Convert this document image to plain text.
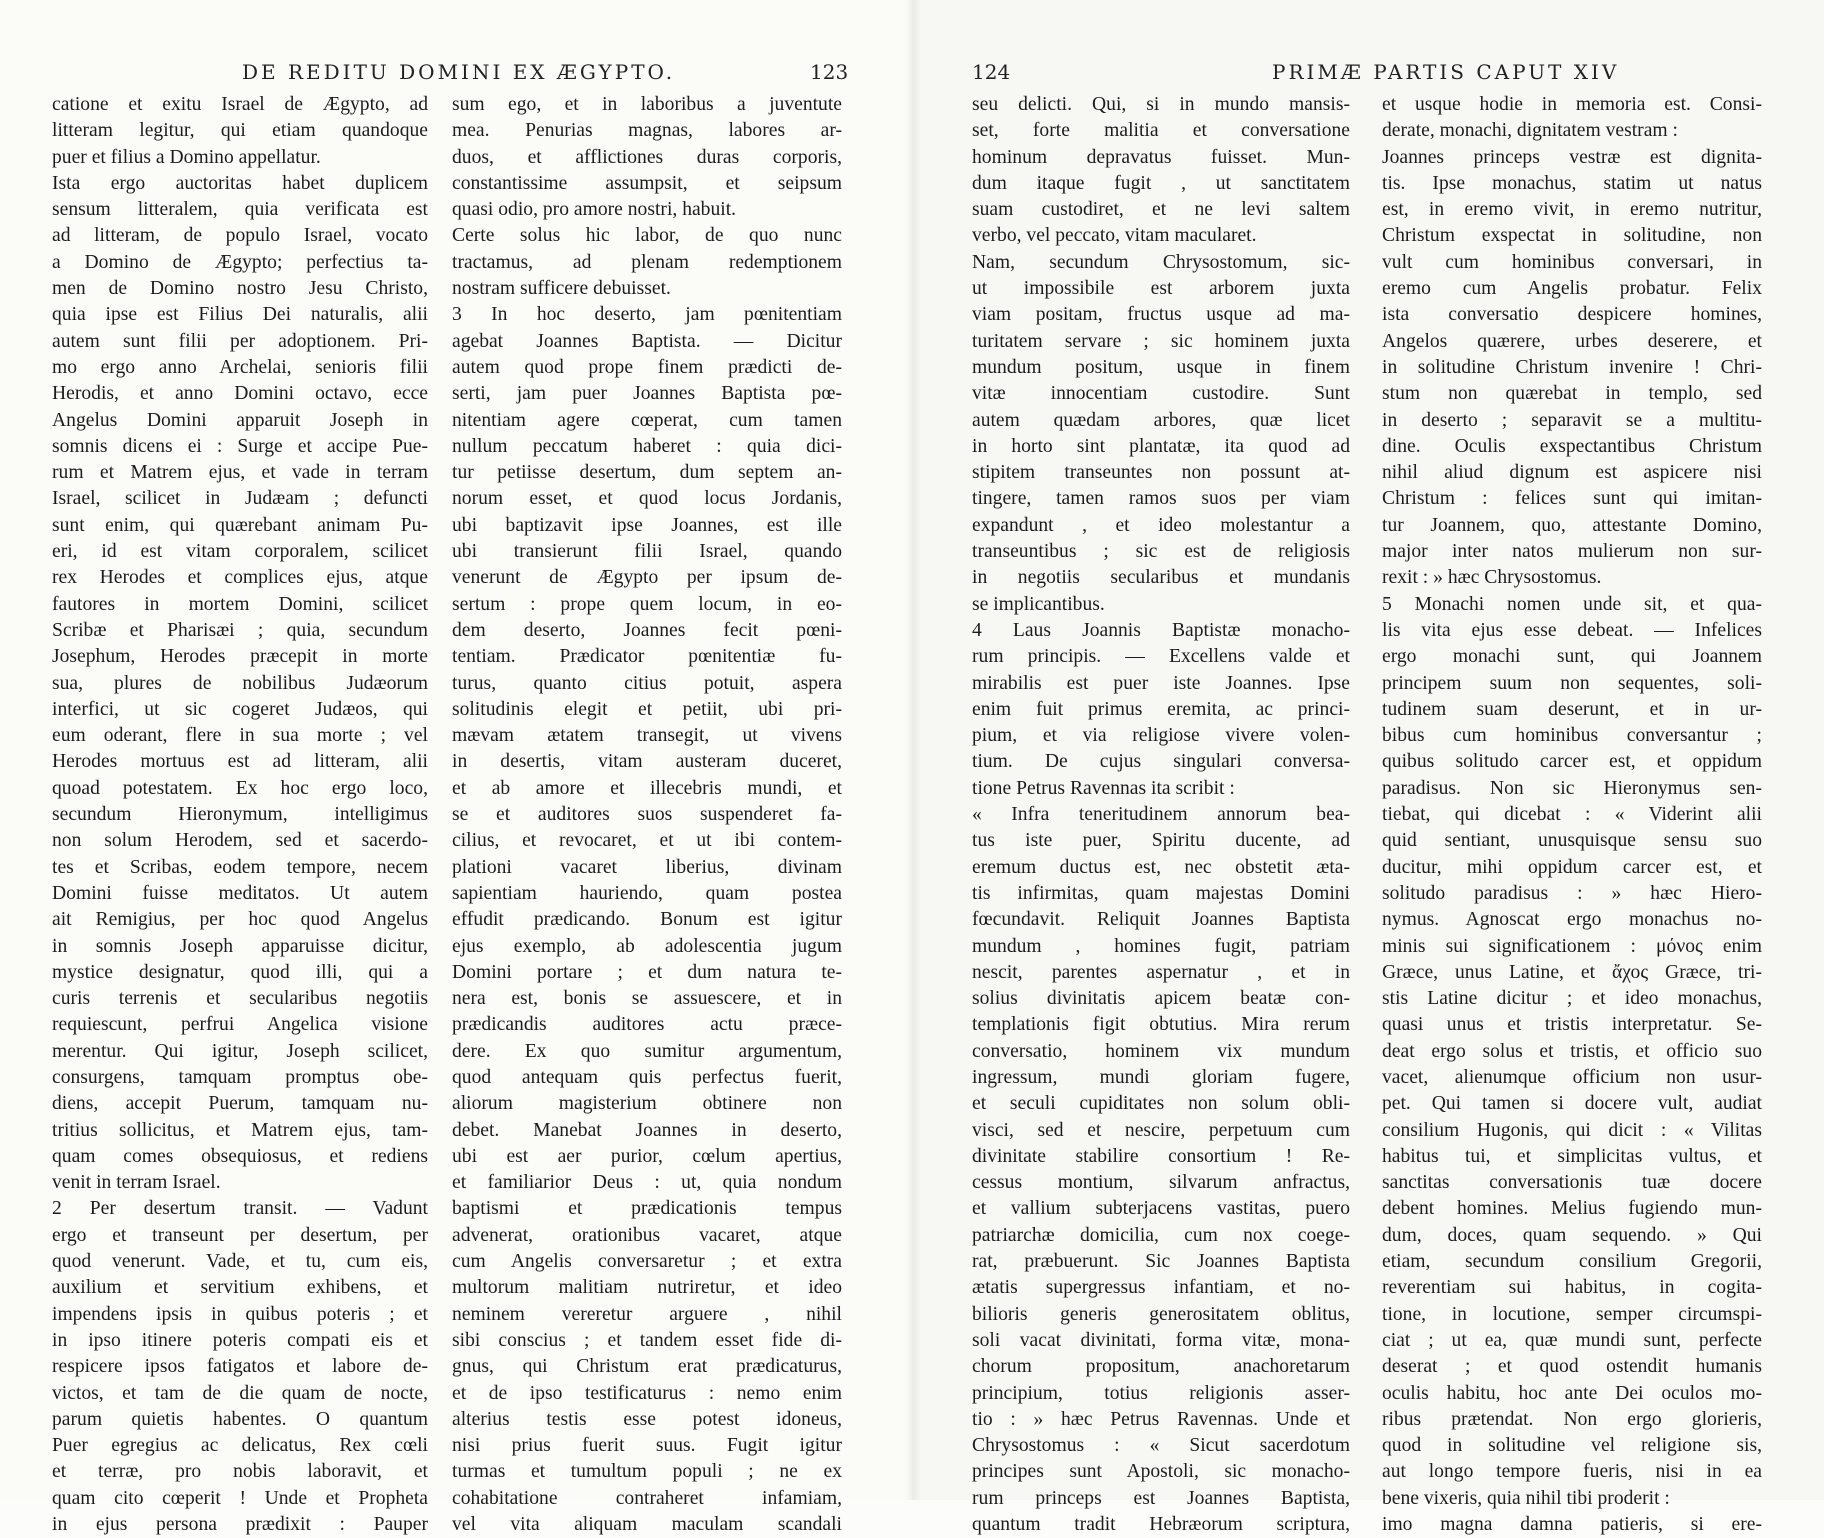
DE REDITU DOMINI EX ÆGYPTO.	123
catione et exitu Israel de Ægypto, ad
litteram legitur, qui etiam quandoque
puer et filius a Domino appellatur.
Ista ergo auctoritas habet duplicem
sensum litteralem, quia verificata est
ad litteram, de populo Israel, vocato
a Domino de Ægypto; perfectius ta-
men de Domino nostro Jesu Christo,
quia ipse est Filius Dei naturalis, alii
autem sunt filii per adoptionem. Pri-
mo ergo anno Archelai, senioris filii
Herodis, et anno Domini octavo, ecce
Angelus Domini apparuit Joseph in
somnis dicens ei : Surge et accipe Pue-
rum et Matrem ejus, et vade in terram
Israel, scilicet in Judæam ; defuncti
sunt enim, qui quærebant animam Pu-
eri, id est vitam corporalem, scilicet
rex Herodes et complices ejus, atque
fautores in mortem Domini, scilicet
Scribæ et Pharisæi ; quia, secundum
Josephum, Herodes præcepit in morte
sua, plures de nobilibus Judæorum
interfici, ut sic cogeret Judæos, qui
eum oderant, flere in sua morte ; vel
Herodes mortuus est ad litteram, alii
quoad potestatem. Ex hoc ergo loco,
secundum Hieronymum, intelligimus
non solum Herodem, sed et sacerdo-
tes et Scribas, eodem tempore, necem
Domini fuisse meditatos. Ut autem
ait Remigius, per hoc quod Angelus
in somnis Joseph apparuisse dicitur,
mystice designatur, quod illi, qui a
curis terrenis et secularibus negotiis
requiescunt, perfrui Angelica visione
merentur. Qui igitur, Joseph scilicet,
consurgens, tamquam promptus obe-
diens, accepit Puerum, tamquam nu-
tritius sollicitus, et Matrem ejus, tam-
quam comes obsequiosus, et rediens
venit in terram Israel.
2 Per desertum transit. — Vadunt
ergo et transeunt per desertum, per
quod venerunt. Vade, et tu, cum eis,
auxilium et servitium exhibens, et
impendens ipsis in quibus poteris ; et
in ipso itinere poteris compati eis et
respicere ipsos fatigatos et labore de-
victos, et tam de die quam de nocte,
parum quietis habentes. O quantum
Puer egregius ac delicatus, Rex cœli
et terræ, pro nobis laboravit, et
quam cito cœperit ! Unde et Propheta
in ejus persona prædixit : Pauper
sum ego, et in laboribus a juventute
mea. Penurias magnas, labores ar-
duos, et afflictiones duras corporis,
constantissime assumpsit, et seipsum
quasi odio, pro amore nostri, habuit.
Certe solus hic labor, de quo nunc
tractamus, ad plenam redemptionem
nostram sufficere debuisset.
3 In hoc deserto, jam pœnitentiam
agebat Joannes Baptista. — Dicitur
autem quod prope finem prædicti de-
serti, jam puer Joannes Baptista pœ-
nitentiam agere cœperat, cum tamen
nullum peccatum haberet : quia dici-
tur petiisse desertum, dum septem an-
norum esset, et quod locus Jordanis,
ubi baptizavit ipse Joannes, est ille
ubi transierunt filii Israel, quando
venerunt de Ægypto per ipsum de-
sertum : prope quem locum, in eo-
dem deserto, Joannes fecit pœni-
tentiam. Prædicator pœnitentiæ fu-
turus, quanto citius potuit, aspera
solitudinis elegit et petiit, ubi pri-
mævam ætatem transegit, ut vivens
in desertis, vitam austeram duceret,
et ab amore et illecebris mundi, et
se et auditores suos suspenderet fa-
cilius, et revocaret, et ut ibi contem-
plationi vacaret liberius, divinam
sapientiam hauriendo, quam postea
effudit prædicando. Bonum est igitur
ejus exemplo, ab adolescentia jugum
Domini portare ; et dum natura te-
nera est, bonis se assuescere, et in
prædicandis auditores actu præce-
dere. Ex quo sumitur argumentum,
quod antequam quis perfectus fuerit,
aliorum magisterium obtinere non
debet. Manebat Joannes in deserto,
ubi est aer purior, cœlum apertius,
et familiarior Deus : ut, quia nondum
baptismi et prædicationis tempus
advenerat, orationibus vacaret, atque
cum Angelis conversaretur ; et extra
multorum malitiam nutriretur, et ideo
neminem vereretur arguere , nihil
sibi conscius ; et tandem esset fide di-
gnus, qui Christum erat prædicaturus,
et de ipso testificaturus : nemo enim
alterius testis esse potest idoneus,
nisi prius fuerit suus. Fugit igitur
turmas et tumultum populi ; ne ex
cohabitatione contraheret infamiam,
vel vita aliquam maculam scandali
124	PRIMÆ PARTIS CAPUT XIV
seu delicti. Qui, si in mundo mansis-
set, forte malitia et conversatione
hominum depravatus fuisset. Mun-
dum itaque fugit , ut sanctitatem
suam custodiret, et ne levi saltem
verbo, vel peccato, vitam macularet.
Nam, secundum Chrysostomum, sic-
ut impossibile est arborem juxta
viam positam, fructus usque ad ma-
turitatem servare ; sic hominem juxta
mundum positum, usque in finem
vitæ innocentiam custodire. Sunt
autem quædam arbores, quæ licet
in horto sint plantatæ, ita quod ad
stipitem transeuntes non possunt at-
tingere, tamen ramos suos per viam
expandunt , et ideo molestantur a
transeuntibus ; sic est de religiosis
in negotiis secularibus et mundanis
se implicantibus.
4 Laus Joannis Baptistæ monacho-
rum principis. — Excellens valde et
mirabilis est puer iste Joannes. Ipse
enim fuit primus eremita, ac princi-
pium, et via religiose vivere volen-
tium. De cujus singulari conversa-
tione Petrus Ravennas ita scribit :
« Infra teneritudinem annorum bea-
tus iste puer, Spiritu ducente, ad
eremum ductus est, nec obstetit æta-
tis infirmitas, quam majestas Domini
fœcundavit. Reliquit Joannes Baptista
mundum , homines fugit, patriam
nescit, parentes aspernatur , et in
solius divinitatis apicem beatæ con-
templationis figit obtutius. Mira rerum
conversatio, hominem vix mundum
ingressum, mundi gloriam fugere,
et seculi cupiditates non solum obli-
visci, sed et nescire, perpetuum cum
divinitate stabilire consortium ! Re-
cessus montium, silvarum anfractus,
et vallium subterjacens vastitas, puero
patriarchæ domicilia, cum nox coege-
rat, præbuerunt. Sic Joannes Baptista
ætatis supergressus infantiam, et no-
bilioris generis generositatem oblitus,
soli vacat divinitati, forma vitæ, mona-
chorum propositum, anachoretarum
principium, totius religionis asser-
tio : » hæc Petrus Ravennas. Unde et
Chrysostomus : « Sicut sacerdotum
principes sunt Apostoli, sic monacho-
rum princeps est Joannes Baptista,
quantum tradit Hebræorum scriptura,
et usque hodie in memoria est. Consi-
derate, monachi, dignitatem vestram :
Joannes princeps vestræ est dignita-
tis. Ipse monachus, statim ut natus
est, in eremo vivit, in eremo nutritur,
Christum exspectat in solitudine, non
vult cum hominibus conversari, in
eremo cum Angelis probatur. Felix
ista conversatio despicere homines,
Angelos quærere, urbes deserere, et
in solitudine Christum invenire ! Chri-
stum non quærebat in templo, sed
in deserto ; separavit se a multitu-
dine. Oculis exspectantibus Christum
nihil aliud dignum est aspicere nisi
Christum : felices sunt qui imitan-
tur Joannem, quo, attestante Domino,
major inter natos mulierum non sur-
rexit : » hæc Chrysostomus.
5 Monachi nomen unde sit, et qua-
lis vita ejus esse debeat. — Infelices
ergo monachi sunt, qui Joannem
principem suum non sequentes, soli-
tudinem suam deserunt, et in ur-
bibus cum hominibus conversantur ;
quibus solitudo carcer est, et oppidum
paradisus. Non sic Hieronymus sen-
tiebat, qui dicebat : « Viderint alii
quid sentiant, unusquisque sensu suo
ducitur, mihi oppidum carcer est, et
solitudo paradisus : » hæc Hiero-
nymus. Agnoscat ergo monachus no-
minis sui significationem : μόνος enim
Græce, unus Latine, et ἄχος Græce, tri-
stis Latine dicitur ; et ideo monachus,
quasi unus et tristis interpretatur. Se-
deat ergo solus et tristis, et officio suo
vacet, alienumque officium non usur-
pet. Qui tamen si docere vult, audiat
consilium Hugonis, qui dicit : « Vilitas
habitus tui, et simplicitas vultus, et
sanctitas conversationis tuæ docere
debent homines. Melius fugiendo mun-
dum, doces, quam sequendo. » Qui
etiam, secundum consilium Gregorii,
reverentiam sui habitus, in cogita-
tione, in locutione, semper circumspi-
ciat ; ut ea, quæ mundi sunt, perfecte
deserat ; et quod ostendit humanis
oculis habitu, hoc ante Dei oculos mo-
ribus prætendat. Non ergo glorieris,
quod in solitudine vel religione sis,
aut longo tempore fueris, nisi in ea
bene vixeris, quia nihil tibi proderit :
imo magna damna patieris, si ere-
